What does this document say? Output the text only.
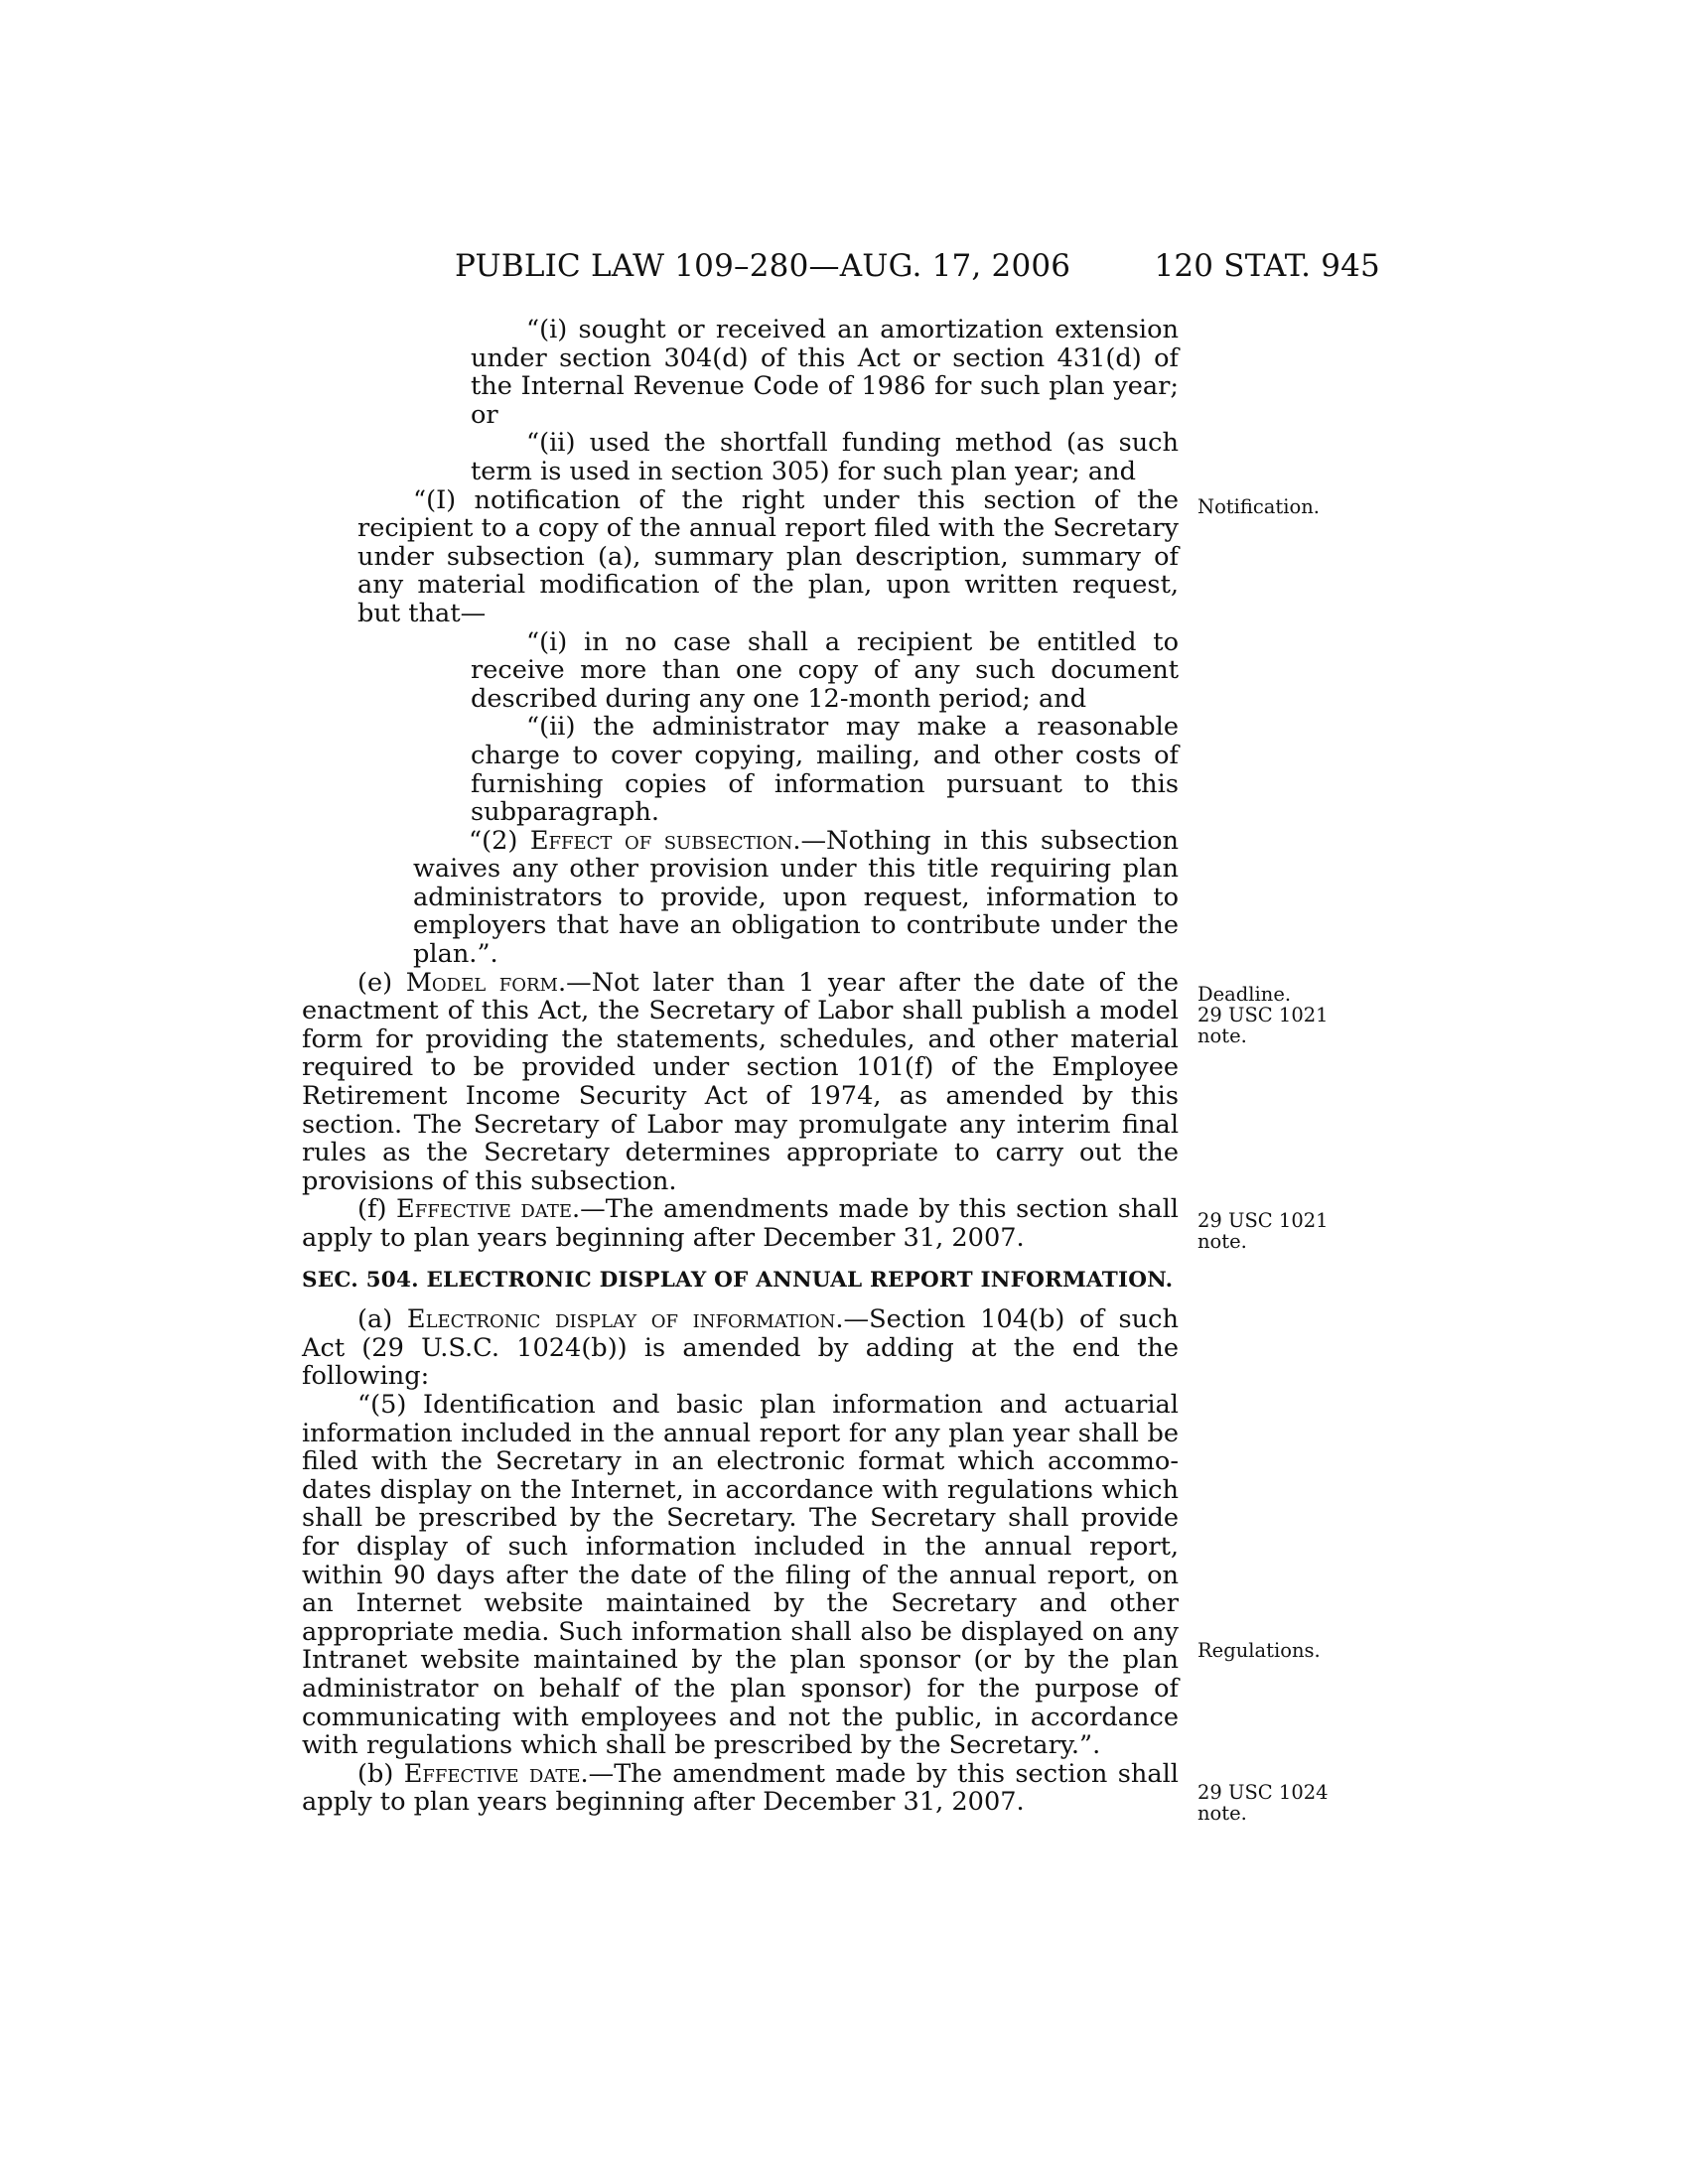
PUBLIC LAW 109–280—AUG. 17, 2006	120 STAT. 945

“(i) sought or received an amortization extension under section 304(d) of this Act or section 431(d) of the Internal Revenue Code of 1986 for such plan year; or

“(ii) used the shortfall funding method (as such term is used in section 305) for such plan year; and

“(I) notification of the right under this section of the recipient to a copy of the annual report filed with the Secretary under subsection (a), summary plan description, summary of any material modification of the plan, upon written request, but that—

“(i) in no case shall a recipient be entitled to receive more than one copy of any such document described during any one 12-month period; and

“(ii) the administrator may make a reasonable charge to cover copying, mailing, and other costs of furnishing copies of information pursuant to this subparagraph.

“(2) Effect of subsection.—Nothing in this subsection waives any other provision under this title requiring plan administrators to provide, upon request, information to employers that have an obligation to contribute under the plan.”.

(e) Model form.—Not later than 1 year after the date of the enactment of this Act, the Secretary of Labor shall publish a model form for providing the statements, schedules, and other material required to be provided under section 101(f) of the Employee Retirement Income Security Act of 1974, as amended by this section. The Secretary of Labor may promulgate any interim final rules as the Secretary determines appropriate to carry out the provisions of this subsection.

(f) Effective date.—The amendments made by this section shall apply to plan years beginning after December 31, 2007.

SEC. 504. ELECTRONIC DISPLAY OF ANNUAL REPORT INFORMATION.

(a) Electronic display of information.—Section 104(b) of such Act (29 U.S.C. 1024(b)) is amended by adding at the end the following:

“(5) Identification and basic plan information and actuarial information included in the annual report for any plan year shall be filed with the Secretary in an electronic format which accommodates display on the Internet, in accordance with regulations which shall be prescribed by the Secretary. The Secretary shall provide for display of such information included in the annual report, within 90 days after the date of the filing of the annual report, on an Internet website maintained by the Secretary and other appropriate media. Such information shall also be displayed on any Intranet website maintained by the plan sponsor (or by the plan administrator on behalf of the plan sponsor) for the purpose of communicating with employees and not the public, in accordance with regulations which shall be prescribed by the Secretary.”.

(b) Effective date.—The amendment made by this section shall apply to plan years beginning after December 31, 2007.

Notification.
Deadline.
29 USC 1021
note.
29 USC 1021
note.
Regulations.
29 USC 1024
note.
